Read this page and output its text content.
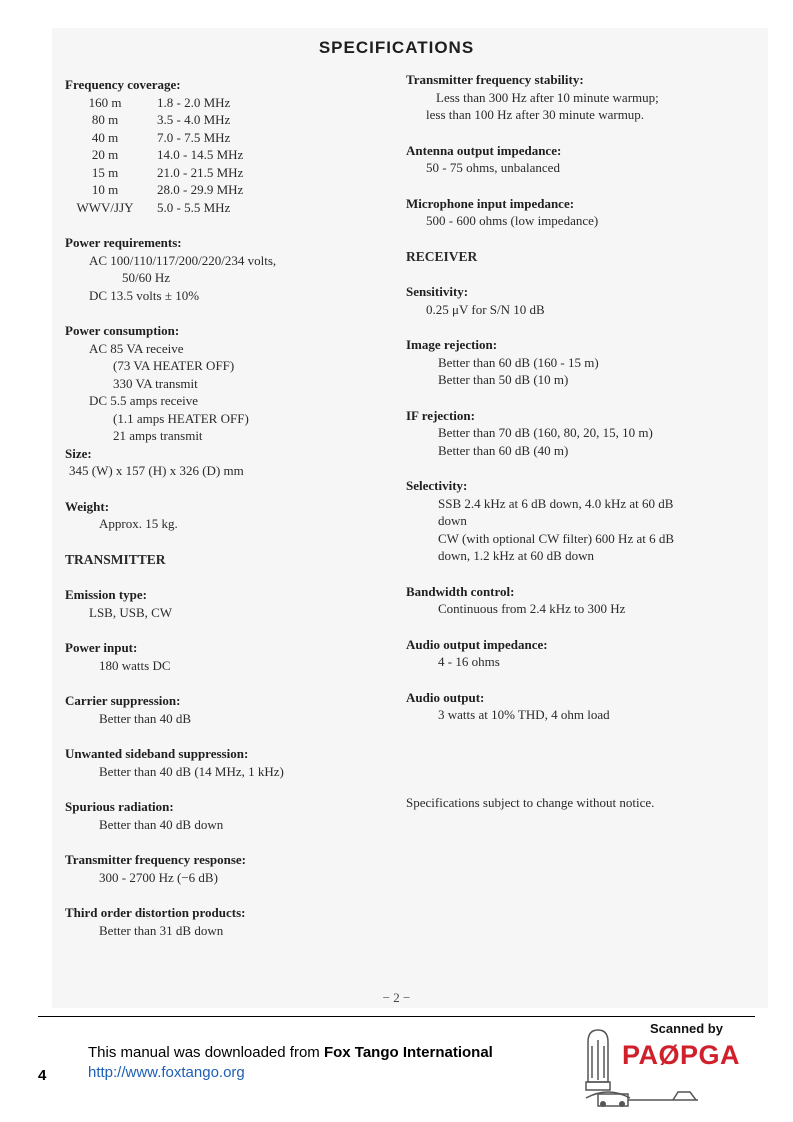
SPECIFICATIONS
Frequency coverage:
160 m	1.8 - 2.0 MHz
80 m	3.5 - 4.0 MHz
40 m	7.0 - 7.5 MHz
20 m	14.0 - 14.5 MHz
15 m	21.0 - 21.5 MHz
10 m	28.0 - 29.9 MHz
WWV/JJY	5.0 - 5.5 MHz
Power requirements:
AC 100/110/117/200/220/234 volts,
50/60 Hz
DC 13.5 volts ± 10%
Power consumption:
AC 85 VA receive
(73 VA HEATER OFF)
330 VA transmit
DC 5.5 amps receive
(1.1 amps HEATER OFF)
21 amps transmit
Size:
345 (W) x 157 (H) x 326 (D) mm
Weight:
Approx. 15 kg.
TRANSMITTER
Emission type:
LSB, USB, CW
Power input:
180 watts DC
Carrier suppression:
Better than 40 dB
Unwanted sideband suppression:
Better than 40 dB (14 MHz, 1 kHz)
Spurious radiation:
Better than 40 dB down
Transmitter frequency response:
300 - 2700 Hz (−6 dB)
Third order distortion products:
Better than 31 dB down
Transmitter frequency stability:
Less than 300 Hz after 10 minute warmup;
less than 100 Hz after 30 minute warmup.
Antenna output impedance:
50 - 75 ohms, unbalanced
Microphone input impedance:
500 - 600 ohms (low impedance)
RECEIVER
Sensitivity:
0.25 μV for S/N 10 dB
Image rejection:
Better than 60 dB (160 - 15 m)
Better than 50 dB (10 m)
IF rejection:
Better than 70 dB (160, 80, 20, 15, 10 m)
Better than 60 dB (40 m)
Selectivity:
SSB 2.4 kHz at 6 dB down, 4.0 kHz at 60 dB
down
CW (with optional CW filter) 600 Hz at 6 dB
down, 1.2 kHz at 60 dB down
Bandwidth control:
Continuous from 2.4 kHz to 300 Hz
Audio output impedance:
4 - 16 ohms
Audio output:
3 watts at 10% THD, 4 ohm load
Specifications subject to change without notice.
− 2 −
4
This manual was downloaded from Fox Tango International
http://www.foxtango.org
Scanned by
PAØPGA
